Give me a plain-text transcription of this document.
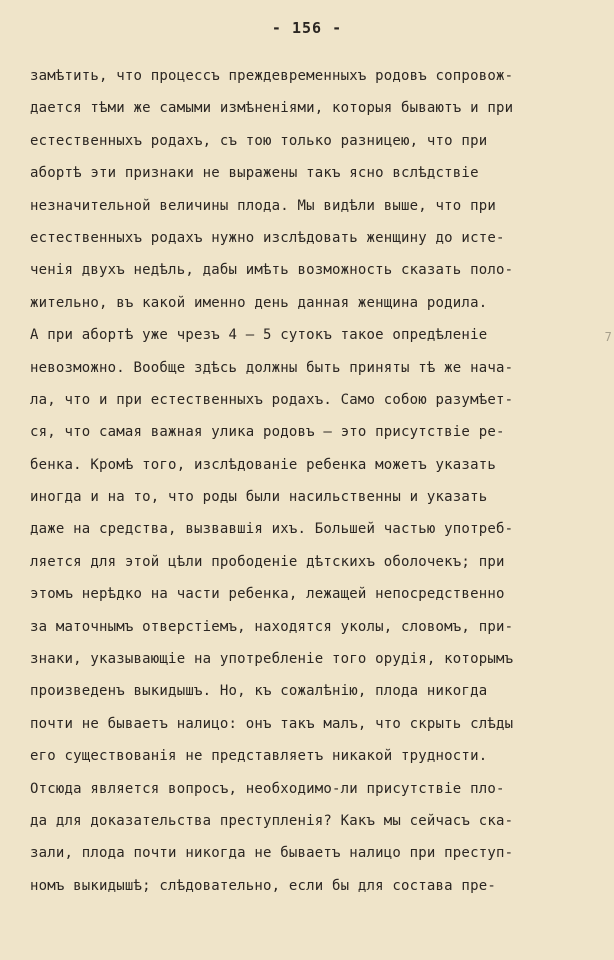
- 156 -
замѣтить, что процессъ преждевременныхъ родовъ сопровож-
дается тѣми же самыми измѣненiями, которыя бываютъ и при
естественныхъ родахъ, съ тою только разницею, что при
абортѣ эти признаки не выражены такъ ясно вслѣдствiе
незначительной величины плода. Мы видѣли выше, что при
естественныхъ родахъ нужно изслѣдовать женщину до исте-
ченiя двухъ недѣль, дабы имѣть возможность сказать поло-
жительно, въ какой именно день данная женщина родила.
А при абортѣ уже чрезъ 4 – 5 сутокъ такое опредѣленiе
невозможно. Вообще здѣсь должны быть приняты тѣ же нача-
ла, что и при естественныхъ родахъ. Само собою разумѣет-
ся, что самая важная улика родовъ – это присутствiе ре-
бенка. Кромѣ того, изслѣдованiе ребенка можетъ указать
иногда и на то, что роды были насильственны и указать
даже на средства, вызвавшiя ихъ. Большей частью употреб-
ляется для этой цѣли прободенiе дѣтскихъ оболочекъ; при
этомъ нерѣдко на части ребенка, лежащей непосредственно
за маточнымъ отверстiемъ, находятся уколы, словомъ, при-
знаки, указывающiе на употребленiе того орудiя, которымъ
произведенъ выкидышъ. Но, къ сожалѣнiю, плода никогда
почти не бываетъ налицо: онъ такъ малъ, что скрыть слѣды
его существованiя не представляетъ никакой трудности.
Отсюда является вопросъ, необходимо-ли присутствiе пло-
да для доказательства преступленiя? Какъ мы сейчасъ ска-
зали, плода почти никогда не бываетъ налицо при преступ-
номъ выкидышѣ; слѣдовательно, если бы для состава пре-
7
